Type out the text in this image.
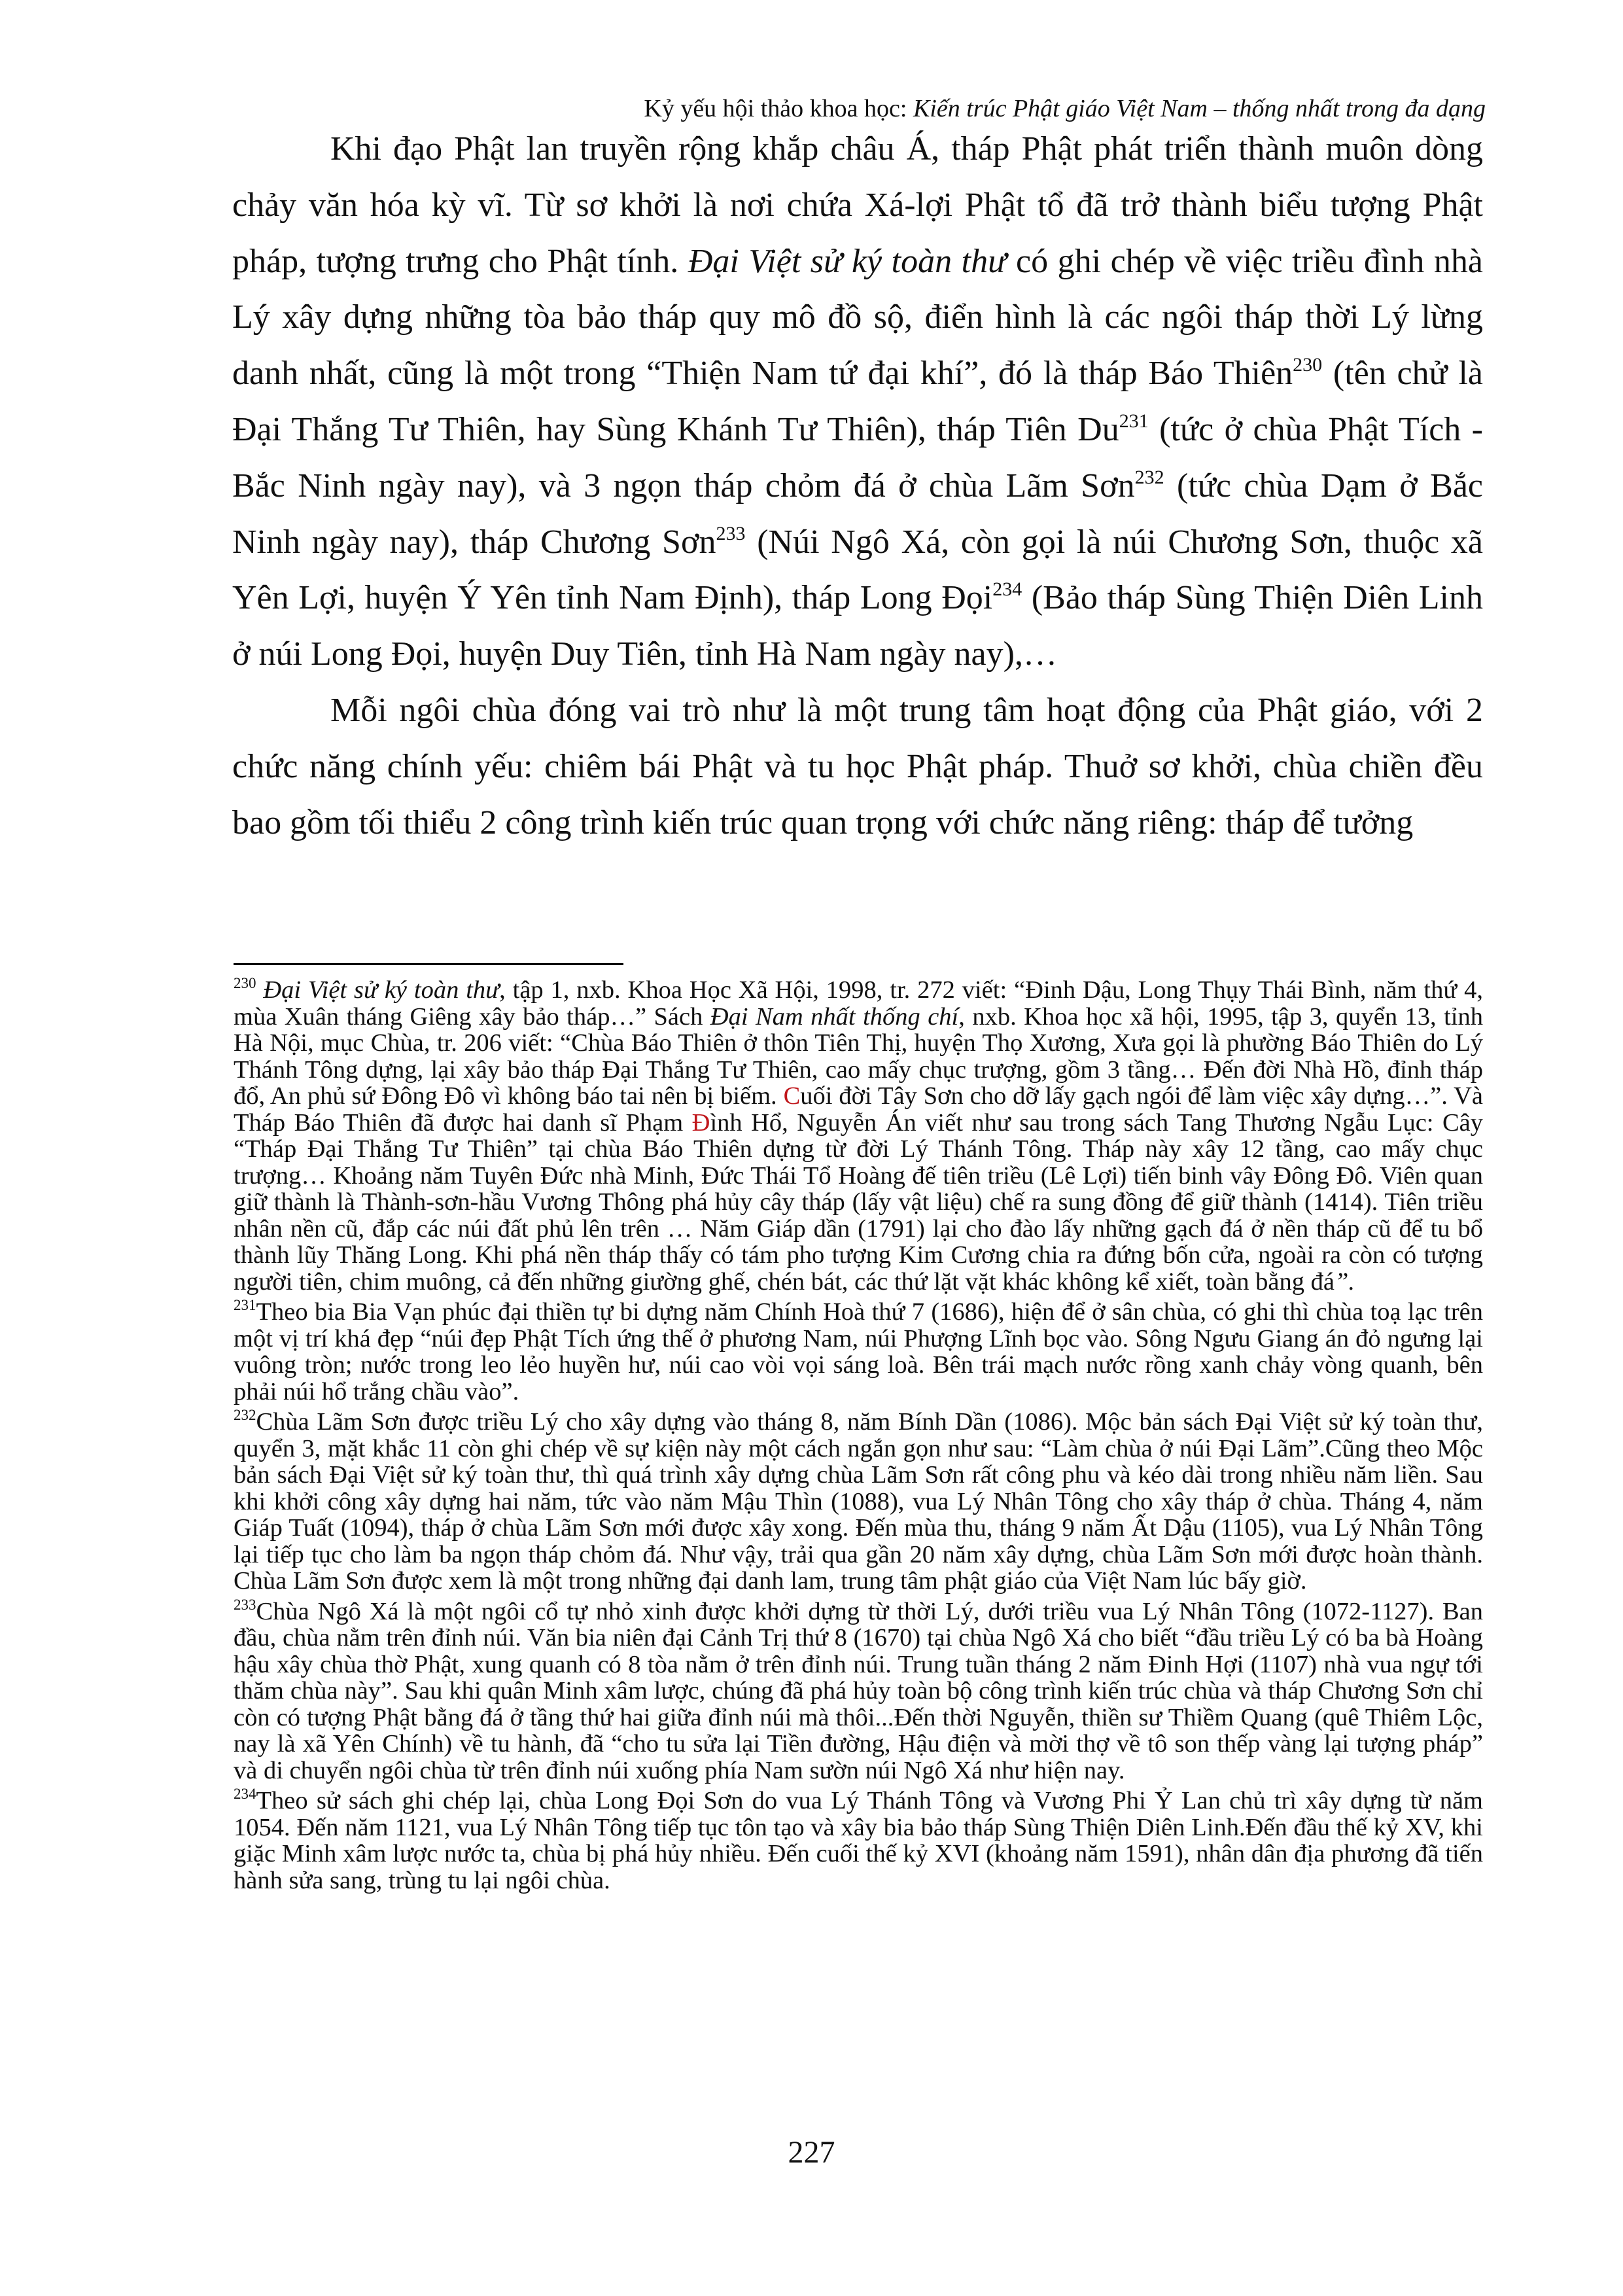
Kỷ yếu hội thảo khoa học: Kiến trúc Phật giáo Việt Nam – thống nhất trong đa dạng

Khi đạo Phật lan truyền rộng khắp châu Á, tháp Phật phát triển thành muôn dòng chảy văn hóa kỳ vĩ. Từ sơ khởi là nơi chứa Xá-lợi Phật tổ đã trở thành biểu tượng Phật pháp, tượng trưng cho Phật tính. Đại Việt sử ký toàn thư có ghi chép về việc triều đình nhà Lý xây dựng những tòa bảo tháp quy mô đồ sộ, điển hình là các ngôi tháp thời Lý lừng danh nhất, cũng là một trong “Thiện Nam tứ đại khí”, đó là tháp Báo Thiên$^{230}$ (tên chử là Đại Thắng Tư Thiên, hay Sùng Khánh Tư Thiên), tháp Tiên Du$^{231}$ (tức ở chùa Phật Tích - Bắc Ninh ngày nay), và 3 ngọn tháp chỏm đá ở chùa Lãm Sơn$^{232}$ (tức chùa Dạm ở Bắc Ninh ngày nay), tháp Chương Sơn$^{233}$ (Núi Ngô Xá, còn gọi là núi Chương Sơn, thuộc xã Yên Lợi, huyện Ý Yên tỉnh Nam Định), tháp Long Đọi$^{234}$ (Bảo tháp Sùng Thiện Diên Linh ở núi Long Đọi, huyện Duy Tiên, tỉnh Hà Nam ngày nay),…

Mỗi ngôi chùa đóng vai trò như là một trung tâm hoạt động của Phật giáo, với 2 chức năng chính yếu: chiêm bái Phật và tu học Phật pháp. Thuở sơ khởi, chùa chiền đều bao gồm tối thiểu 2 công trình kiến trúc quan trọng với chức năng riêng: tháp để tưởng

$^{230}$ Đại Việt sử ký toàn thư, tập 1, nxb. Khoa Học Xã Hội, 1998, tr. 272 viết: “Đinh Dậu, Long Thụy Thái Bình, năm thứ 4, mùa Xuân tháng Giêng xây bảo tháp…” Sách Đại Nam nhất thống chí, nxb. Khoa học xã hội, 1995, tập 3, quyển 13, tỉnh Hà Nội, mục Chùa, tr. 206 viết: “Chùa Báo Thiên ở thôn Tiên Thị, huyện Thọ Xương, Xưa gọi là phường Báo Thiên do Lý Thánh Tông dựng, lại xây bảo tháp Đại Thắng Tư Thiên, cao mấy chục trượng, gồm 3 tầng… Đến đời Nhà Hồ, đỉnh tháp đổ, An phủ sứ Đông Đô vì không báo tai nên bị biếm. Cuối đời Tây Sơn cho dỡ lấy gạch ngói để làm việc xây dựng…”. Và Tháp Báo Thiên đã được hai danh sĩ Phạm Đình Hổ, Nguyễn Án viết như sau trong sách Tang Thương Ngẫu Lục: Cây “Tháp Đại Thắng Tư Thiên” tại chùa Báo Thiên dựng từ đời Lý Thánh Tông. Tháp này xây 12 tầng, cao mấy chục trượng… Khoảng năm Tuyên Đức nhà Minh, Đức Thái Tổ Hoàng đế tiên triều (Lê Lợi) tiến binh vây Đông Đô. Viên quan giữ thành là Thành-sơn-hầu Vương Thông phá hủy cây tháp (lấy vật liệu) chế ra sung đồng để giữ thành (1414). Tiên triều nhân nền cũ, đắp các núi đất phủ lên trên … Năm Giáp dần (1791) lại cho đào lấy những gạch đá ở nền tháp cũ để tu bổ thành lũy Thăng Long. Khi phá nền tháp thấy có tám pho tượng Kim Cương chia ra đứng bốn cửa, ngoài ra còn có tượng người tiên, chim muông, cả đến những giường ghế, chén bát, các thứ lặt vặt khác không kể xiết, toàn bằng đá”.

$^{231}$Theo bia Bia Vạn phúc đại thiền tự bi dựng năm Chính Hoà thứ 7 (1686), hiện để ở sân chùa, có ghi thì chùa toạ lạc trên một vị trí khá đẹp “núi đẹp Phật Tích ứng thế ở phương Nam, núi Phượng Lĩnh bọc vào. Sông Ngưu Giang án đỏ ngưng lại vuông tròn; nước trong leo lẻo huyền hư, núi cao vòi vọi sáng loà. Bên trái mạch nước rồng xanh chảy vòng quanh, bên phải núi hổ trắng chầu vào”.

$^{232}$Chùa Lãm Sơn được triều Lý cho xây dựng vào tháng 8, năm Bính Dần (1086). Mộc bản sách Đại Việt sử ký toàn thư, quyển 3, mặt khắc 11 còn ghi chép về sự kiện này một cách ngắn gọn như sau: “Làm chùa ở núi Đại Lãm”.Cũng theo Mộc bản sách Đại Việt sử ký toàn thư, thì quá trình xây dựng chùa Lãm Sơn rất công phu và kéo dài trong nhiều năm liền. Sau khi khởi công xây dựng hai năm, tức vào năm Mậu Thìn (1088), vua Lý Nhân Tông cho xây tháp ở chùa. Tháng 4, năm Giáp Tuất (1094), tháp ở chùa Lãm Sơn mới được xây xong. Đến mùa thu, tháng 9 năm Ất Dậu (1105), vua Lý Nhân Tông lại tiếp tục cho làm ba ngọn tháp chỏm đá. Như vậy, trải qua gần 20 năm xây dựng, chùa Lãm Sơn mới được hoàn thành. Chùa Lãm Sơn được xem là một trong những đại danh lam, trung tâm phật giáo của Việt Nam lúc bấy giờ.

$^{233}$Chùa Ngô Xá là một ngôi cổ tự nhỏ xinh được khởi dựng từ thời Lý, dưới triều vua Lý Nhân Tông (1072-1127). Ban đầu, chùa nằm trên đỉnh núi. Văn bia niên đại Cảnh Trị thứ 8 (1670) tại chùa Ngô Xá cho biết “đầu triều Lý có ba bà Hoàng hậu xây chùa thờ Phật, xung quanh có 8 tòa nằm ở trên đỉnh núi. Trung tuần tháng 2 năm Đinh Hợi (1107) nhà vua ngự tới thăm chùa này”. Sau khi quân Minh xâm lược, chúng đã phá hủy toàn bộ công trình kiến trúc chùa và tháp Chương Sơn chỉ còn có tượng Phật bằng đá ở tầng thứ hai giữa đỉnh núi mà thôi...Đến thời Nguyễn, thiền sư Thiềm Quang (quê Thiêm Lộc, nay là xã Yên Chính) về tu hành, đã “cho tu sửa lại Tiền đường, Hậu điện và mời thợ về tô son thếp vàng lại tượng pháp” và di chuyển ngôi chùa từ trên đỉnh núi xuống phía Nam sườn núi Ngô Xá như hiện nay.

$^{234}$Theo sử sách ghi chép lại, chùa Long Đọi Sơn do vua Lý Thánh Tông và Vương Phi Ỷ Lan chủ trì xây dựng từ năm 1054. Đến năm 1121, vua Lý Nhân Tông tiếp tục tôn tạo và xây bia bảo tháp Sùng Thiện Diên Linh.Đến đầu thế kỷ XV, khi giặc Minh xâm lược nước ta, chùa bị phá hủy nhiều. Đến cuối thế kỷ XVI (khoảng năm 1591), nhân dân địa phương đã tiến hành sửa sang, trùng tu lại ngôi chùa.

227
